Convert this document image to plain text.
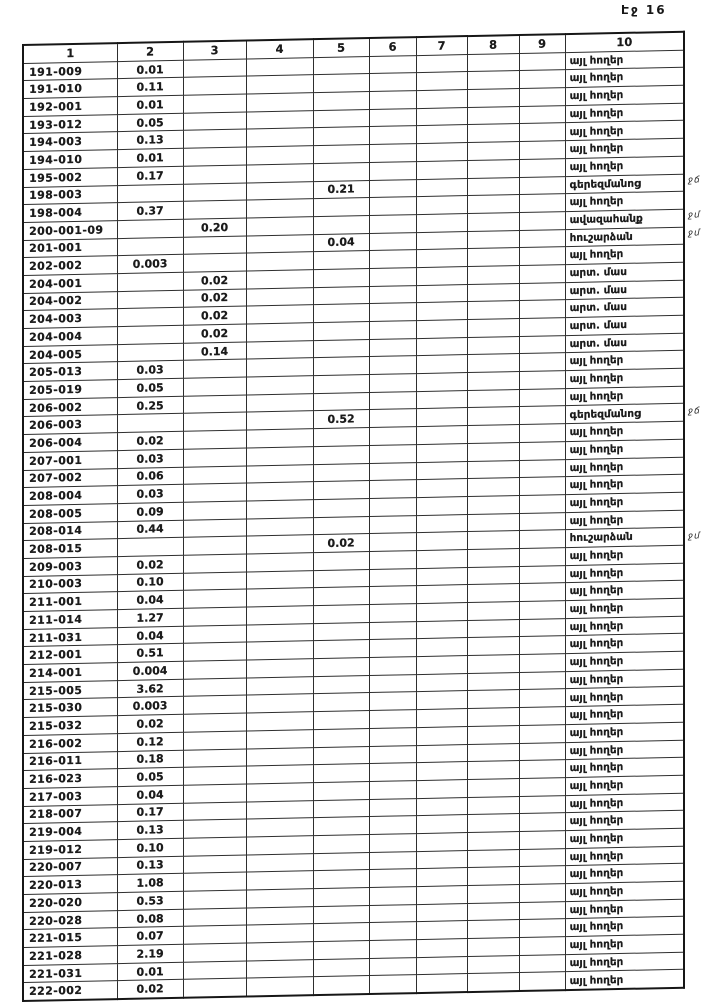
Էջ 16
1	2	3	4	5	6	7	8	9	10
191-009	0.01								այլ հողեր
191-010	0.11								այլ հողեր
192-001	0.01								այլ հողեր
193-012	0.05								այլ հողեր
194-003	0.13								այլ հողեր
194-010	0.01								այլ հողեր
195-002	0.17								այլ հողեր
198-003				0.21					գերեզմանոց
198-004	0.37								այլ հողեր
200-001-09		0.20							ավազահանք
201-001				0.04					հուշարձան
202-002	0.003								այլ հողեր
204-001		0.02							արտ. մաս
204-002		0.02							արտ. մաս
204-003		0.02							արտ. մաս
204-004		0.02							արտ. մաս
204-005		0.14							արտ. մաս
205-013	0.03								այլ հողեր
205-019	0.05								այլ հողեր
206-002	0.25								այլ հողեր
206-003				0.52					գերեզմանոց
206-004	0.02								այլ հողեր
207-001	0.03								այլ հողեր
207-002	0.06								այլ հողեր
208-004	0.03								այլ հողեր
208-005	0.09								այլ հողեր
208-014	0.44								այլ հողեր
208-015				0.02					հուշարձան
209-003	0.02								այլ հողեր
210-003	0.10								այլ հողեր
211-001	0.04								այլ հողեր
211-014	1.27								այլ հողեր
211-031	0.04								այլ հողեր
212-001	0.51								այլ հողեր
214-001	0.004								այլ հողեր
215-005	3.62								այլ հողեր
215-030	0.003								այլ հողեր
215-032	0.02								այլ հողեր
216-002	0.12								այլ հողեր
216-011	0.18								այլ հողեր
216-023	0.05								այլ հողեր
217-003	0.04								այլ հողեր
218-007	0.17								այլ հողեր
219-004	0.13								այլ հողեր
219-012	0.10								այլ հողեր
220-007	0.13								այլ հողեր
220-013	1.08								այլ հողեր
220-020	0.53								այլ հողեր
220-028	0.08								այլ հողեր
221-015	0.07								այլ հողեր
221-028	2.19								այլ հողեր
221-031	0.01								այլ հողեր
222-002	0.02								այլ հողեր
ջճ
ջմ
ջմ
ջճ
ջմ
